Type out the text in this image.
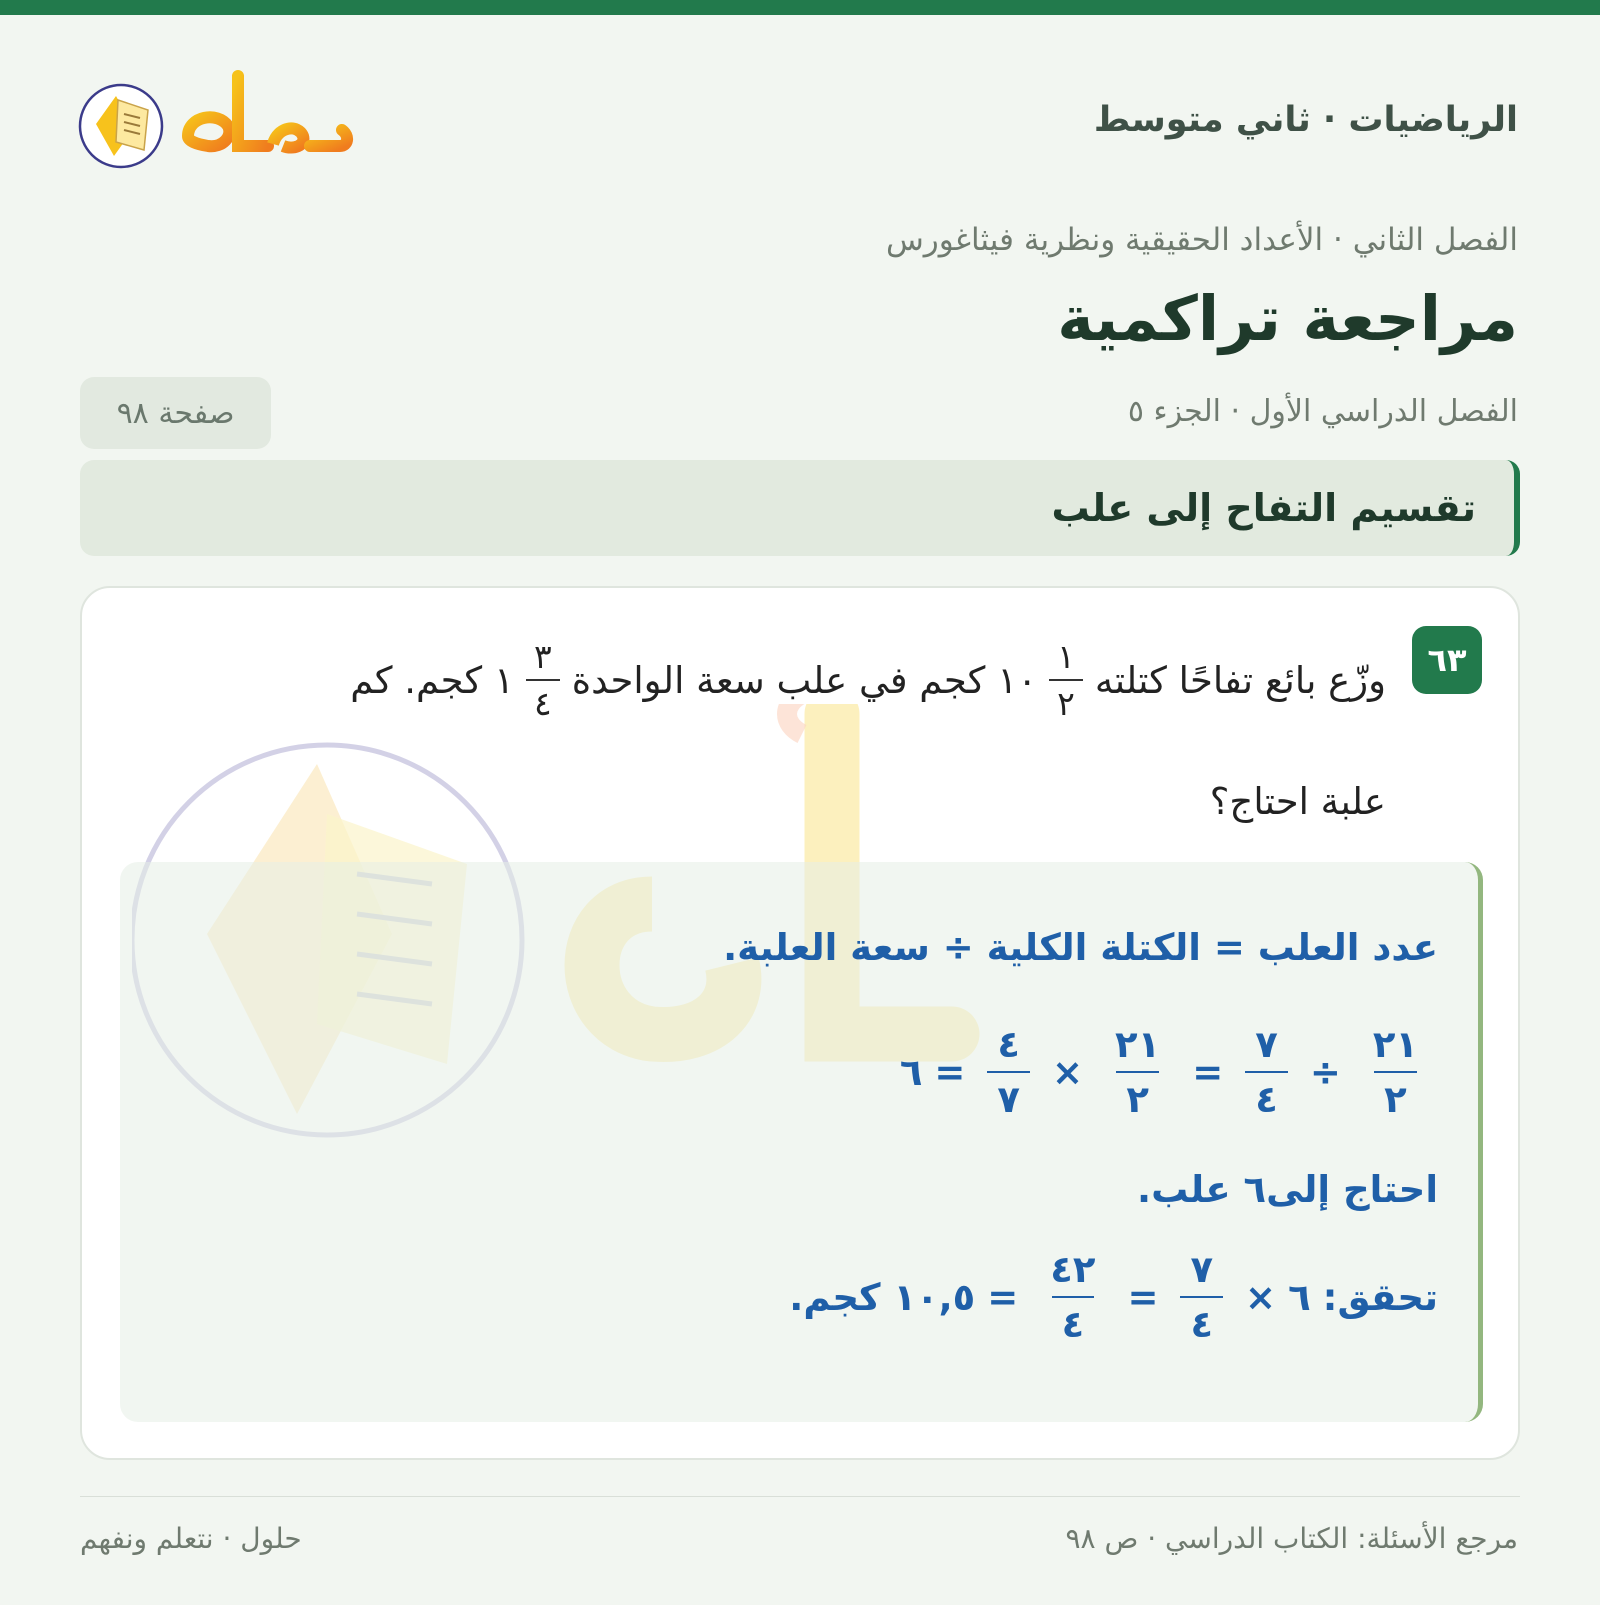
الرياضيات · ثاني متوسط
الفصل الثاني · الأعداد الحقيقية ونظرية فيثاغورس
مراجعة تراكمية
الفصل الدراسي الأول · الجزء ٥
صفحة ٩٨
تقسيم التفاح إلى علب
٦٣
وزّع بائع تفاحًا كتلته
$\frac{١}{٢}$
١٠
كجم في علب سعة الواحدة
$\frac{٣}{٤}$
١
كجم. كم
علبة احتاج؟
عدد العلب = الكتلة الكلية ÷ سعة العلبة.
$\frac{٢١}{٢}$
÷
$\frac{٧}{٤}$
=
$\frac{٢١}{٢}$
×
$\frac{٤}{٧}$
=
٦
احتاج إلى٦ علب.
تحقق:
٦
×
$\frac{٧}{٤}$
=
$\frac{٤٢}{٤}$
=
١٠,٥ كجم.
مرجع الأسئلة: الكتاب الدراسي · ص ٩٨
حلول · نتعلم ونفهم
